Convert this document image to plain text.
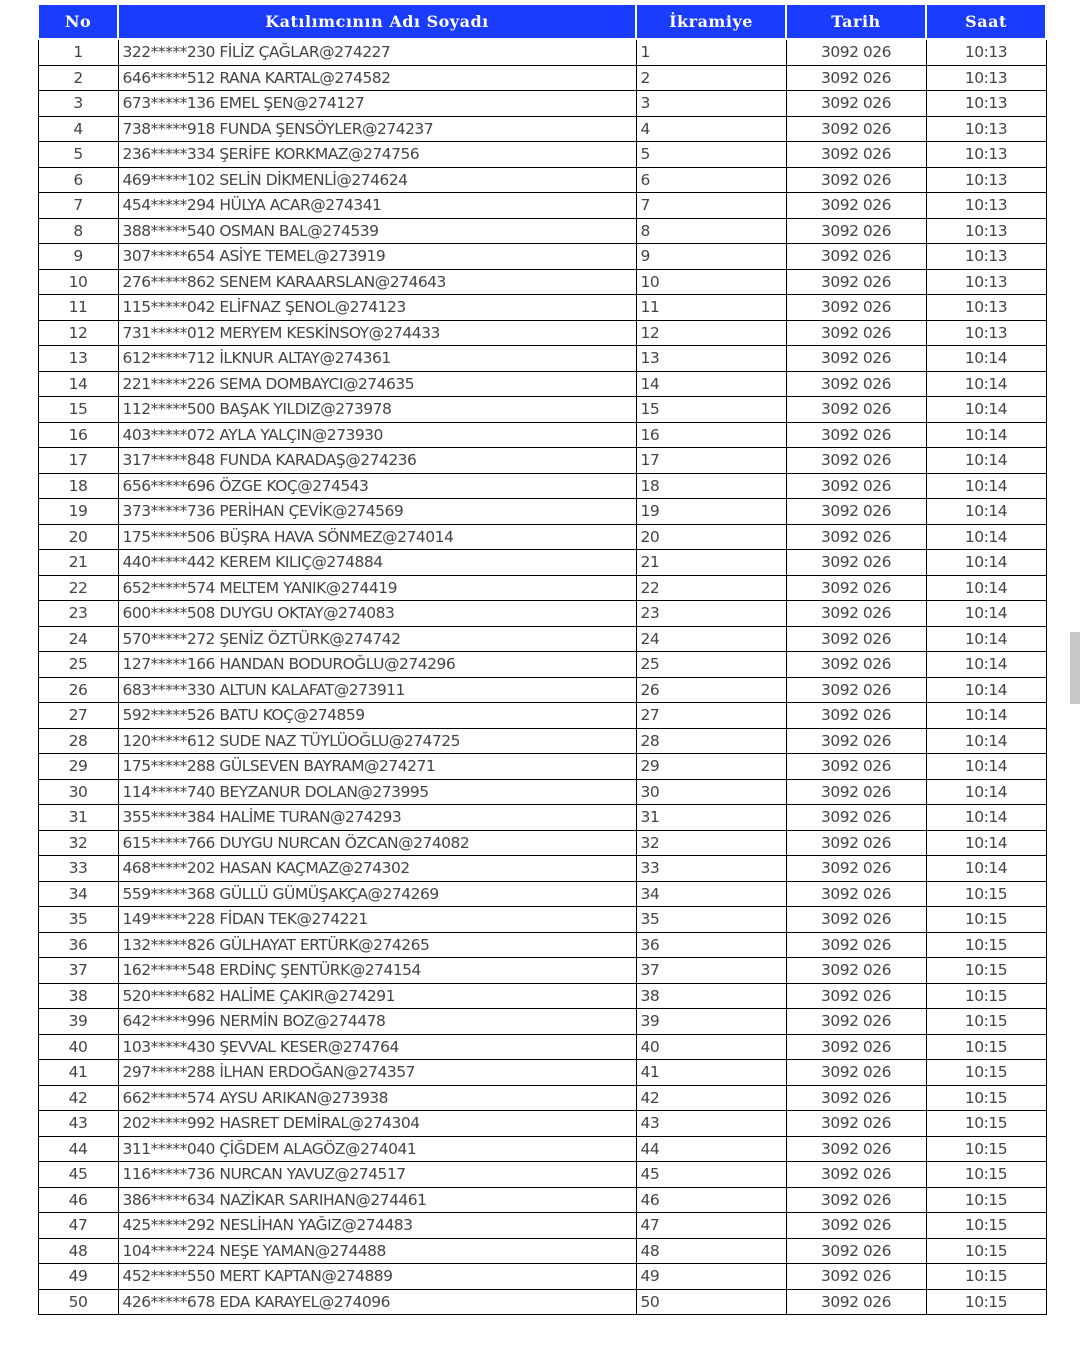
No	Katılımcının Adı Soyadı	İkramiye	Tarih	Saat
1	322*****230 FİLİZ ÇAĞLAR@274227	1	3092 026	10:13
2	646*****512 RANA KARTAL@274582	2	3092 026	10:13
3	673*****136 EMEL ŞEN@274127	3	3092 026	10:13
4	738*****918 FUNDA ŞENSÖYLER@274237	4	3092 026	10:13
5	236*****334 ŞERİFE KORKMAZ@274756	5	3092 026	10:13
6	469*****102 SELİN DİKMENLİ@274624	6	3092 026	10:13
7	454*****294 HÜLYA ACAR@274341	7	3092 026	10:13
8	388*****540 OSMAN BAL@274539	8	3092 026	10:13
9	307*****654 ASİYE TEMEL@273919	9	3092 026	10:13
10	276*****862 SENEM KARAARSLAN@274643	10	3092 026	10:13
11	115*****042 ELİFNAZ ŞENOL@274123	11	3092 026	10:13
12	731*****012 MERYEM KESKİNSOY@274433	12	3092 026	10:13
13	612*****712 İLKNUR ALTAY@274361	13	3092 026	10:14
14	221*****226 SEMA DOMBAYCI@274635	14	3092 026	10:14
15	112*****500 BAŞAK YILDIZ@273978	15	3092 026	10:14
16	403*****072 AYLA YALÇIN@273930	16	3092 026	10:14
17	317*****848 FUNDA KARADAŞ@274236	17	3092 026	10:14
18	656*****696 ÖZGE KOÇ@274543	18	3092 026	10:14
19	373*****736 PERİHAN ÇEVİK@274569	19	3092 026	10:14
20	175*****506 BÜŞRA HAVA SÖNMEZ@274014	20	3092 026	10:14
21	440*****442 KEREM KILIÇ@274884	21	3092 026	10:14
22	652*****574 MELTEM YANIK@274419	22	3092 026	10:14
23	600*****508 DUYGU OKTAY@274083	23	3092 026	10:14
24	570*****272 ŞENİZ ÖZTÜRK@274742	24	3092 026	10:14
25	127*****166 HANDAN BODUROĞLU@274296	25	3092 026	10:14
26	683*****330 ALTUN KALAFAT@273911	26	3092 026	10:14
27	592*****526 BATU KOÇ@274859	27	3092 026	10:14
28	120*****612 SUDE NAZ TÜYLÜOĞLU@274725	28	3092 026	10:14
29	175*****288 GÜLSEVEN BAYRAM@274271	29	3092 026	10:14
30	114*****740 BEYZANUR DOLAN@273995	30	3092 026	10:14
31	355*****384 HALİME TURAN@274293	31	3092 026	10:14
32	615*****766 DUYGU NURCAN ÖZCAN@274082	32	3092 026	10:14
33	468*****202 HASAN KAÇMAZ@274302	33	3092 026	10:14
34	559*****368 GÜLLÜ GÜMÜŞAKÇA@274269	34	3092 026	10:15
35	149*****228 FİDAN TEK@274221	35	3092 026	10:15
36	132*****826 GÜLHAYAT ERTÜRK@274265	36	3092 026	10:15
37	162*****548 ERDİNÇ ŞENTÜRK@274154	37	3092 026	10:15
38	520*****682 HALİME ÇAKIR@274291	38	3092 026	10:15
39	642*****996 NERMİN BOZ@274478	39	3092 026	10:15
40	103*****430 ŞEVVAL KESER@274764	40	3092 026	10:15
41	297*****288 İLHAN ERDOĞAN@274357	41	3092 026	10:15
42	662*****574 AYSU ARIKAN@273938	42	3092 026	10:15
43	202*****992 HASRET DEMİRAL@274304	43	3092 026	10:15
44	311*****040 ÇİĞDEM ALAGÖZ@274041	44	3092 026	10:15
45	116*****736 NURCAN YAVUZ@274517	45	3092 026	10:15
46	386*****634 NAZİKAR SARIHAN@274461	46	3092 026	10:15
47	425*****292 NESLİHAN YAĞIZ@274483	47	3092 026	10:15
48	104*****224 NEŞE YAMAN@274488	48	3092 026	10:15
49	452*****550 MERT KAPTAN@274889	49	3092 026	10:15
50	426*****678 EDA KARAYEL@274096	50	3092 026	10:15
